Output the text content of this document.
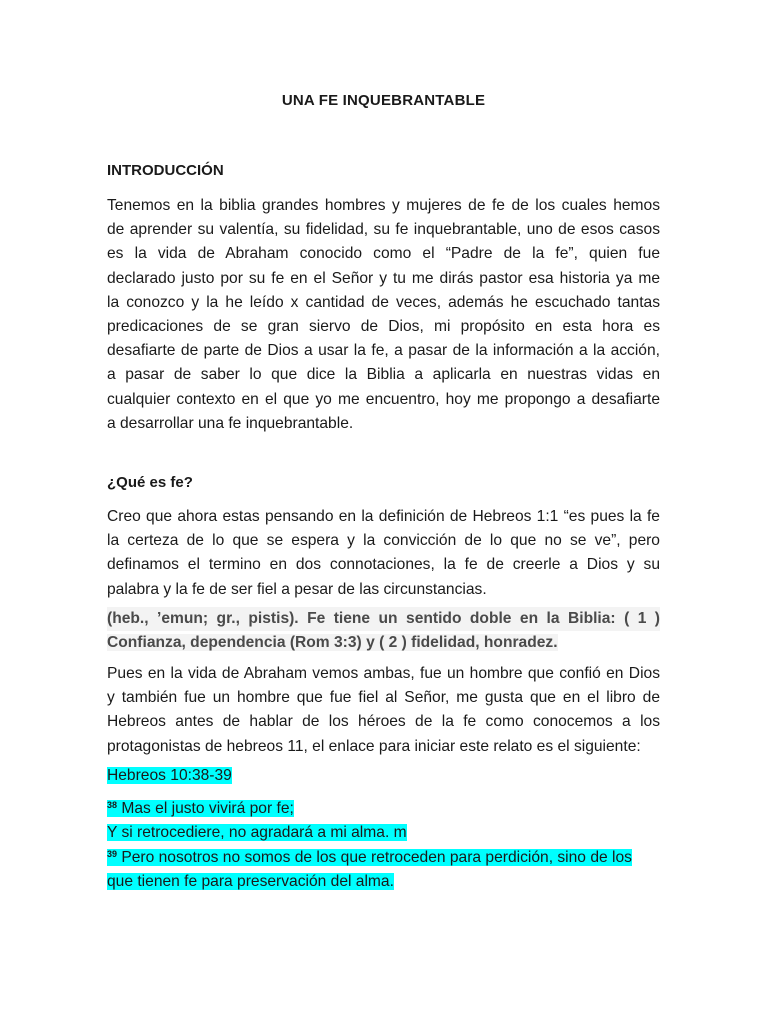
UNA FE INQUEBRANTABLE
INTRODUCCIÓN
Tenemos en la biblia grandes hombres y mujeres de fe de los cuales hemos
de aprender su valentía, su fidelidad, su fe inquebrantable, uno de esos casos
es la vida de Abraham conocido como el “Padre de la fe”, quien fue
declarado justo por su fe en el Señor y tu me dirás pastor esa historia ya me
la conozco y la he leído x cantidad de veces, además he escuchado tantas
predicaciones de se gran siervo de Dios, mi propósito en esta hora es
desafiarte de parte de Dios a usar la fe, a pasar de la información a la acción,
a pasar de saber lo que dice la Biblia a aplicarla en nuestras vidas en
cualquier contexto en el que yo me encuentro, hoy me propongo a desafiarte
a desarrollar una fe inquebrantable.
¿Qué es fe?
Creo que ahora estas pensando en la definición de Hebreos 1:1 “es pues la fe
la certeza de lo que se espera y la convicción de lo que no se ve”, pero
definamos el termino en dos connotaciones, la fe de creerle a Dios y su
palabra y la fe de ser fiel a pesar de las circunstancias.
(heb., ’emun; gr., pistis). Fe tiene un sentido doble en la Biblia: ( 1 )
Confianza, dependencia (Rom 3:3) y ( 2 ) fidelidad, honradez.
Pues en la vida de Abraham vemos ambas, fue un hombre que confió en Dios
y también fue un hombre que fue fiel al Señor, me gusta que en el libro de
Hebreos antes de hablar de los héroes de la fe como conocemos a los
protagonistas de hebreos 11, el enlace para iniciar este relato es el siguiente:
Hebreos 10:38-39
$^{38}$ Mas el justo vivirá por fe;
Y si retrocediere, no agradará a mi alma. m
$^{39}$ Pero nosotros no somos de los que retroceden para perdición, sino de los
que tienen fe para preservación del alma.
